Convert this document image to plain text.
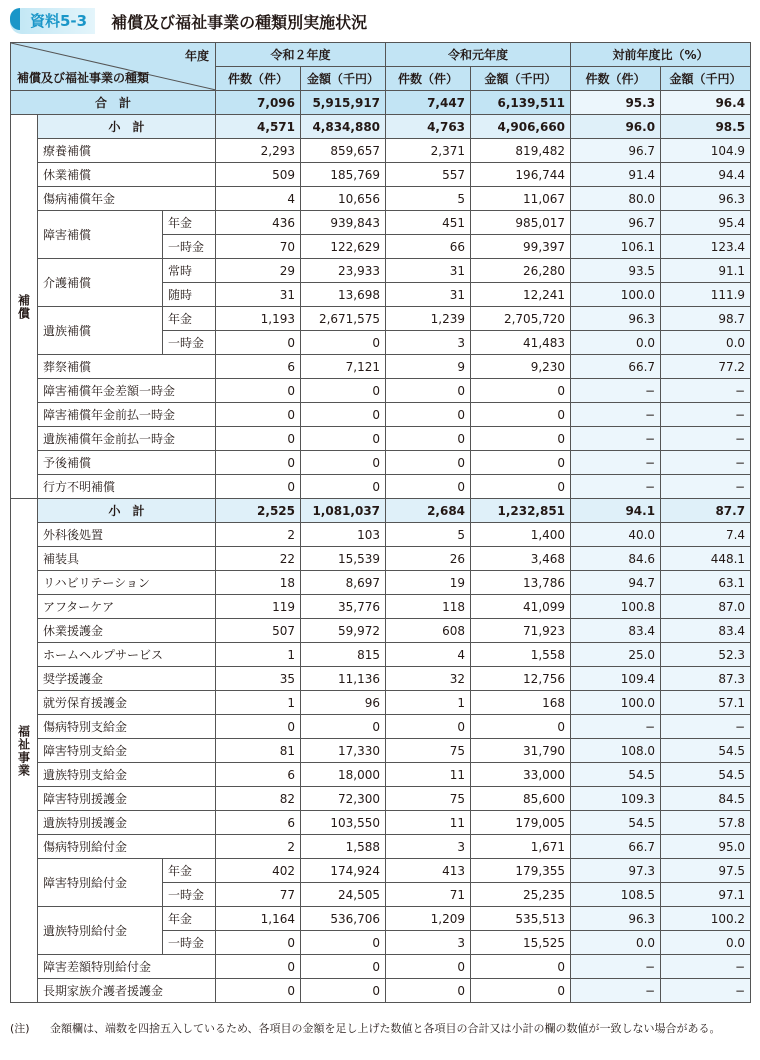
資料5-3	補償及び福祉事業の種類別実施状況
年度
補償及び福祉事業の種類			令和２年度		令和元年度		対前年度比（%）	
			件数（件）	金額（千円）	件数（件）	金額（千円）	件数（件）	金額（千円）
合　計			7,096	5,915,917	7,447	6,139,511	95.3	96.4

補償	小　計		4,571	4,834,880	4,763	4,906,660	96.0	98.5
	療養補償		2,293	859,657	2,371	819,482	96.7	104.9
	休業補償		509	185,769	557	196,744	91.4	94.4
	傷病補償年金		4	10,656	5	11,067	80.0	96.3
	障害補償	年金	436	939,843	451	985,017	96.7	95.4
		一時金	70	122,629	66	99,397	106.1	123.4
	介護補償	常時	29	23,933	31	26,280	93.5	91.1
		随時	31	13,698	31	12,241	100.0	111.9
	遺族補償	年金	1,193	2,671,575	1,239	2,705,720	96.3	98.7
		一時金	0	0	3	41,483	0.0	0.0
	葬祭補償		6	7,121	9	9,230	66.7	77.2
	障害補償年金差額一時金		0	0	0	0	−	−
	障害補償年金前払一時金		0	0	0	0	−	−
	遺族補償年金前払一時金		0	0	0	0	−	−
	予後補償		0	0	0	0	−	−
	行方不明補償		0	0	0	0	−	−

福祉事業	小　計		2,525	1,081,037	2,684	1,232,851	94.1	87.7
	外科後処置		2	103	5	1,400	40.0	7.4
	補装具		22	15,539	26	3,468	84.6	448.1
	リハビリテーション		18	8,697	19	13,786	94.7	63.1
	アフターケア		119	35,776	118	41,099	100.8	87.0
	休業援護金		507	59,972	608	71,923	83.4	83.4
	ホームヘルプサービス		1	815	4	1,558	25.0	52.3
	奨学援護金		35	11,136	32	12,756	109.4	87.3
	就労保育援護金		1	96	1	168	100.0	57.1
	傷病特別支給金		0	0	0	0	−	−
	障害特別支給金		81	17,330	75	31,790	108.0	54.5
	遺族特別支給金		6	18,000	11	33,000	54.5	54.5
	障害特別援護金		82	72,300	75	85,600	109.3	84.5
	遺族特別援護金		6	103,550	11	179,005	54.5	57.8
	傷病特別給付金		2	1,588	3	1,671	66.7	95.0
	障害特別給付金	年金	402	174,924	413	179,355	97.3	97.5
		一時金	77	24,505	71	25,235	108.5	97.1
	遺族特別給付金	年金	1,164	536,706	1,209	535,513	96.3	100.2
		一時金	0	0	3	15,525	0.0	0.0
	障害差額特別給付金		0	0	0	0	−	−
	長期家族介護者援護金		0	0	0	0	−	−
(注)	金額欄は、端数を四捨五入しているため、各項目の金額を足し上げた数値と各項目の合計又は小計の欄の数値が一致しない場合がある。
